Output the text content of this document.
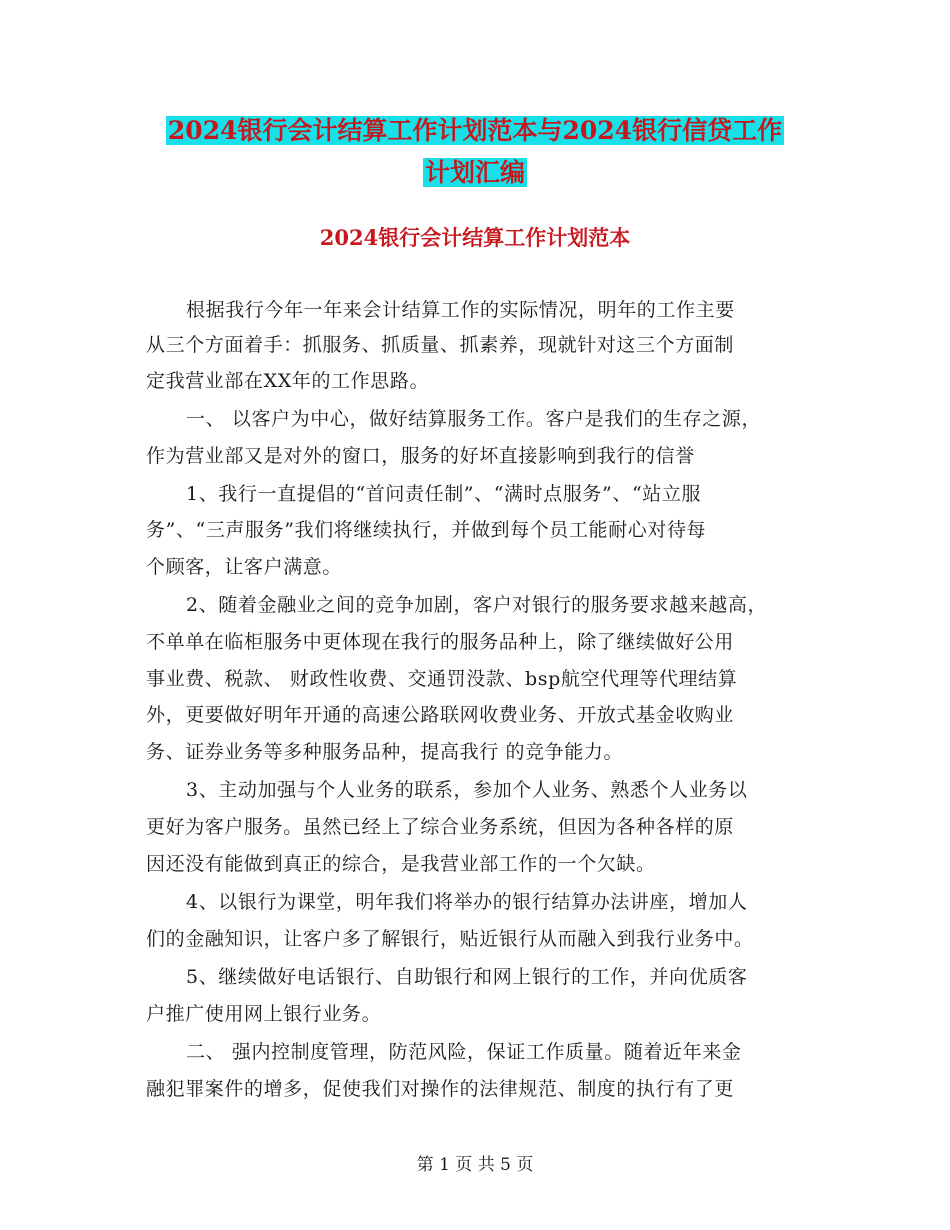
2024银行会计结算工作计划范本与2024银行信贷工作
计划汇编
2024银行会计结算工作计划范本
根据我行今年一年来会计结算工作的实际情况，明年的工作主要
从三个方面着手：抓服务、抓质量、抓素养，现就针对这三个方面制
定我营业部在XX年的工作思路。
一、 以客户为中心，做好结算服务工作。客户是我们的生存之源，
作为营业部又是对外的窗口，服务的好坏直接影响到我行的信誉
1、我行一直提倡的“首问责任制”、“满时点服务”、“站立服
务”、“三声服务”我们将继续执行，并做到每个员工能耐心对待每
个顾客，让客户满意。
2、随着金融业之间的竞争加剧，客户对银行的服务要求越来越高，
不单单在临柜服务中更体现在我行的服务品种上，除了继续做好公用
事业费、税款、 财政性收费、交通罚没款、bsp航空代理等代理结算
外，更要做好明年开通的高速公路联网收费业务、开放式基金收购业
务、证券业务等多种服务品种，提高我行 的竞争能力。
3、主动加强与个人业务的联系，参加个人业务、熟悉个人业务以
更好为客户服务。虽然已经上了综合业务系统，但因为各种各样的原
因还没有能做到真正的综合，是我营业部工作的一个欠缺。
4、以银行为课堂，明年我们将举办的银行结算办法讲座，增加人
们的金融知识，让客户多了解银行，贴近银行从而融入到我行业务中。
5、继续做好电话银行、自助银行和网上银行的工作，并向优质客
户推广使用网上银行业务。
二、 强内控制度管理，防范风险，保证工作质量。随着近年来金
融犯罪案件的增多，促使我们对操作的法律规范、制度的执行有了更
第 1 页 共 5 页
